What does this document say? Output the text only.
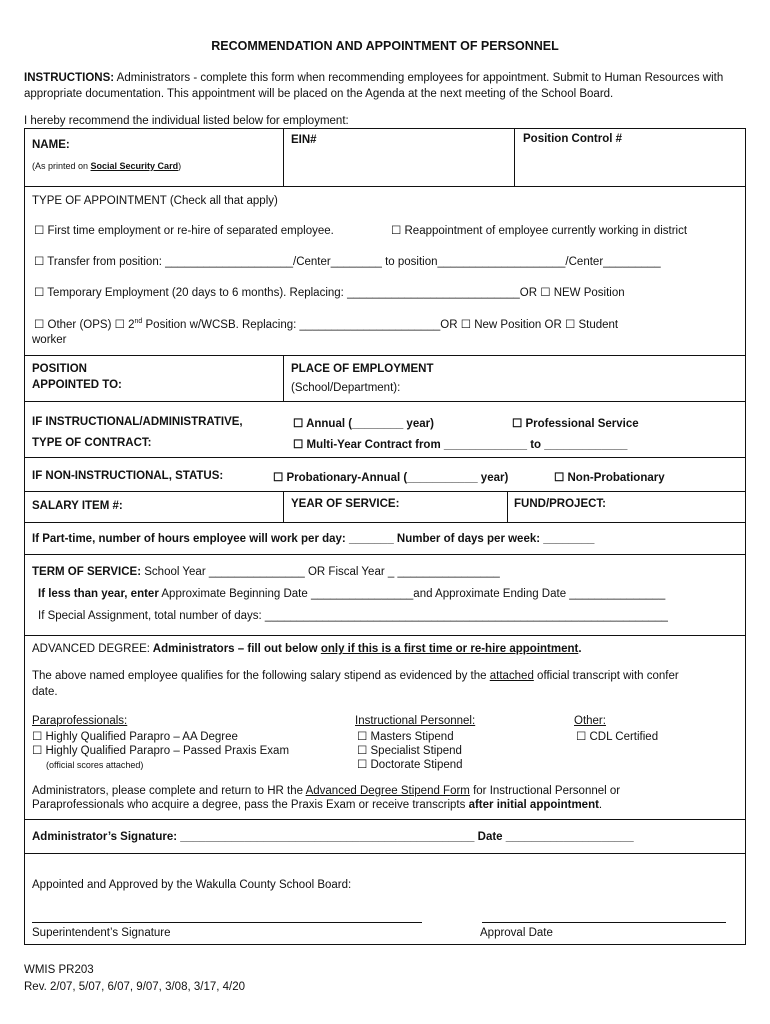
RECOMMENDATION AND APPOINTMENT OF PERSONNEL
INSTRUCTIONS: Administrators - complete this form when recommending employees for appointment. Submit to Human Resources with appropriate documentation. This appointment will be placed on the Agenda at the next meeting of the School Board.
I hereby recommend the individual listed below for employment:
NAME:
(As printed on Social Security Card)
EIN#	Position Control #
TYPE OF APPOINTMENT (Check all that apply)
☐ First time employment or re-hire of separated employee.	☐ Reappointment of employee currently working in district
☐ Transfer from position: ____________________/Center________ to position____________________/Center_________
☐ Temporary Employment (20 days to 6 months). Replacing: ___________________________OR ☐ NEW Position
☐ Other (OPS) ☐ 2nd Position w/WCSB. Replacing: ______________________OR ☐ New Position OR ☐ Student
worker
POSITION
APPOINTED TO:
PLACE OF EMPLOYMENT
(School/Department):
IF INSTRUCTIONAL/ADMINISTRATIVE,
TYPE OF CONTRACT:
☐ Annual (________ year)	☐ Professional Service
☐ Multi-Year Contract from _____________ to _____________
IF NON-INSTRUCTIONAL, STATUS:	☐ Probationary-Annual (___________ year)	☐ Non-Probationary
SALARY ITEM #:	YEAR OF SERVICE:	FUND/PROJECT:
If Part-time, number of hours employee will work per day: _______ Number of days per week: ________
TERM OF SERVICE: School Year _______________ OR Fiscal Year _ ________________
If less than year, enter Approximate Beginning Date ________________and Approximate Ending Date _______________
If Special Assignment, total number of days: _______________________________________________________________
ADVANCED DEGREE: Administrators – fill out below only if this is a first time or re-hire appointment.
The above named employee qualifies for the following salary stipend as evidenced by the attached official transcript with confer
date.
Paraprofessionals:
☐ Highly Qualified Parapro – AA Degree
☐ Highly Qualified Parapro – Passed Praxis Exam
(official scores attached)
Instructional Personnel:
☐ Masters Stipend
☐ Specialist Stipend
☐ Doctorate Stipend
Other:
☐ CDL Certified
Administrators, please complete and return to HR the Advanced Degree Stipend Form for Instructional Personnel or
Paraprofessionals who acquire a degree, pass the Praxis Exam or receive transcripts after initial appointment.
Administrator’s Signature: ______________________________________________ Date ____________________
Appointed and Approved by the Wakulla County School Board:
Superintendent’s Signature	Approval Date
WMIS PR203
Rev. 2/07, 5/07, 6/07, 9/07, 3/08, 3/17, 4/20
